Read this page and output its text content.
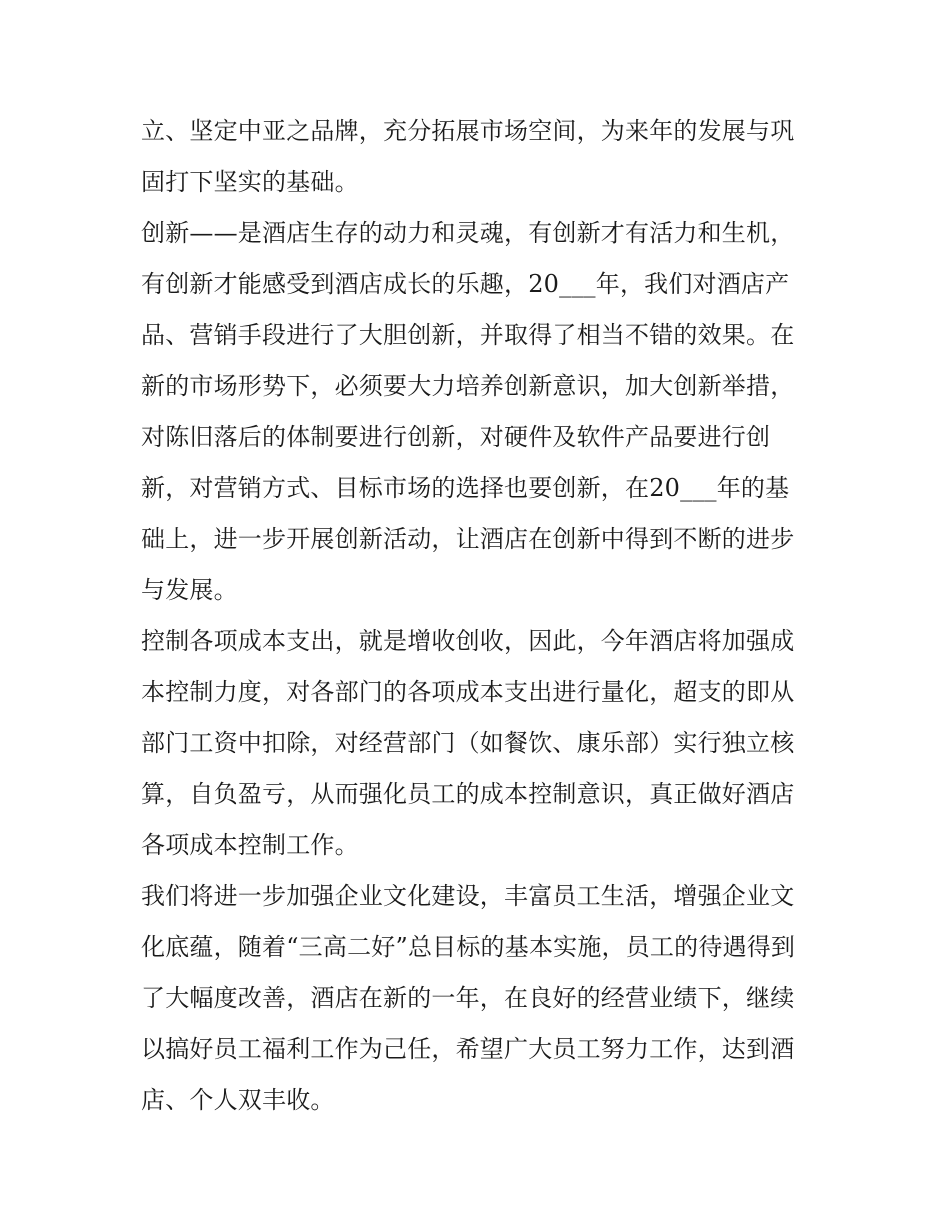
立、坚定中亚之品牌，充分拓展市场空间，为来年的发展与巩
固打下坚实的基础。
创新——是酒店生存的动力和灵魂，有创新才有活力和生机，
有创新才能感受到酒店成长的乐趣，20___年，我们对酒店产
品、营销手段进行了大胆创新，并取得了相当不错的效果。在
新的市场形势下，必须要大力培养创新意识，加大创新举措，
对陈旧落后的体制要进行创新，对硬件及软件产品要进行创
新，对营销方式、目标市场的选择也要创新，在20___年的基
础上，进一步开展创新活动，让酒店在创新中得到不断的进步
与发展。
控制各项成本支出，就是增收创收，因此，今年酒店将加强成
本控制力度，对各部门的各项成本支出进行量化，超支的即从
部门工资中扣除，对经营部门（如餐饮、康乐部）实行独立核
算，自负盈亏，从而强化员工的成本控制意识，真正做好酒店
各项成本控制工作。
我们将进一步加强企业文化建设，丰富员工生活，增强企业文
化底蕴，随着“三高二好”总目标的基本实施，员工的待遇得到
了大幅度改善，酒店在新的一年，在良好的经营业绩下，继续
以搞好员工福利工作为己任，希望广大员工努力工作，达到酒
店、个人双丰收。
